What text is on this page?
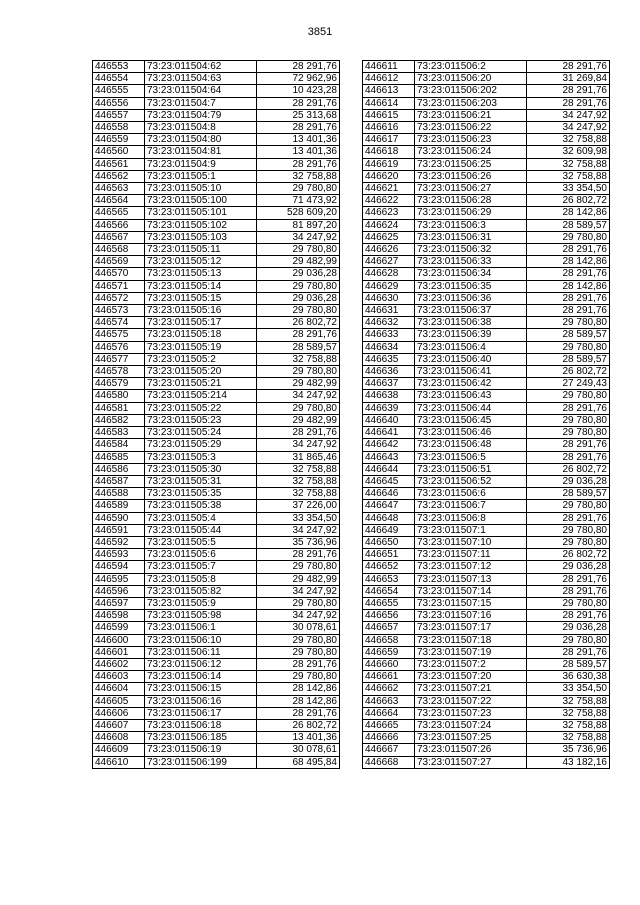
3851
446553	73:23:011504:62	28 291,76
446554	73:23:011504:63	72 962,96
446555	73:23:011504:64	10 423,28
446556	73:23:011504:7	28 291,76
446557	73:23:011504:79	25 313,68
446558	73:23:011504:8	28 291,76
446559	73:23:011504:80	13 401,36
446560	73:23:011504:81	13 401,36
446561	73:23:011504:9	28 291,76
446562	73:23:011505:1	32 758,88
446563	73:23:011505:10	29 780,80
446564	73:23:011505:100	71 473,92
446565	73:23:011505:101	528 609,20
446566	73:23:011505:102	81 897,20
446567	73:23:011505:103	34 247,92
446568	73:23:011505:11	29 780,80
446569	73:23:011505:12	29 482,99
446570	73:23:011505:13	29 036,28
446571	73:23:011505:14	29 780,80
446572	73:23:011505:15	29 036,28
446573	73:23:011505:16	29 780,80
446574	73:23:011505:17	26 802,72
446575	73:23:011505:18	28 291,76
446576	73:23:011505:19	28 589,57
446577	73:23:011505:2	32 758,88
446578	73:23:011505:20	29 780,80
446579	73:23:011505:21	29 482,99
446580	73:23:011505:214	34 247,92
446581	73:23:011505:22	29 780,80
446582	73:23:011505:23	29 482,99
446583	73:23:011505:24	28 291,76
446584	73:23:011505:29	34 247,92
446585	73:23:011505:3	31 865,46
446586	73:23:011505:30	32 758,88
446587	73:23:011505:31	32 758,88
446588	73:23:011505:35	32 758,88
446589	73:23:011505:38	37 226,00
446590	73:23:011505:4	33 354,50
446591	73:23:011505:44	34 247,92
446592	73:23:011505:5	35 736,96
446593	73:23:011505:6	28 291,76
446594	73:23:011505:7	29 780,80
446595	73:23:011505:8	29 482,99
446596	73:23:011505:82	34 247,92
446597	73:23:011505:9	29 780,80
446598	73:23:011505:98	34 247,92
446599	73:23:011506:1	30 078,61
446600	73:23:011506:10	29 780,80
446601	73:23:011506:11	29 780,80
446602	73:23:011506:12	28 291,76
446603	73:23:011506:14	29 780,80
446604	73:23:011506:15	28 142,86
446605	73:23:011506:16	28 142,86
446606	73:23:011506:17	28 291,76
446607	73:23:011506:18	26 802,72
446608	73:23:011506:185	13 401,36
446609	73:23:011506:19	30 078,61
446610	73:23:011506:199	68 495,84
446611	73:23:011506:2	28 291,76
446612	73:23:011506:20	31 269,84
446613	73:23:011506:202	28 291,76
446614	73:23:011506:203	28 291,76
446615	73:23:011506:21	34 247,92
446616	73:23:011506:22	34 247,92
446617	73:23:011506:23	32 758,88
446618	73:23:011506:24	32 609,98
446619	73:23:011506:25	32 758,88
446620	73:23:011506:26	32 758,88
446621	73:23:011506:27	33 354,50
446622	73:23:011506:28	26 802,72
446623	73:23:011506:29	28 142,86
446624	73:23:011506:3	28 589,57
446625	73:23:011506:31	29 780,80
446626	73:23:011506:32	28 291,76
446627	73:23:011506:33	28 142,86
446628	73:23:011506:34	28 291,76
446629	73:23:011506:35	28 142,86
446630	73:23:011506:36	28 291,76
446631	73:23:011506:37	28 291,76
446632	73:23:011506:38	29 780,80
446633	73:23:011506:39	28 589,57
446634	73:23:011506:4	29 780,80
446635	73:23:011506:40	28 589,57
446636	73:23:011506:41	26 802,72
446637	73:23:011506:42	27 249,43
446638	73:23:011506:43	29 780,80
446639	73:23:011506:44	28 291,76
446640	73:23:011506:45	29 780,80
446641	73:23:011506:46	29 780,80
446642	73:23:011506:48	28 291,76
446643	73:23:011506:5	28 291,76
446644	73:23:011506:51	26 802,72
446645	73:23:011506:52	29 036,28
446646	73:23:011506:6	28 589,57
446647	73:23:011506:7	29 780,80
446648	73:23:011506:8	28 291,76
446649	73:23:011507:1	29 780,80
446650	73:23:011507:10	29 780,80
446651	73:23:011507:11	26 802,72
446652	73:23:011507:12	29 036,28
446653	73:23:011507:13	28 291,76
446654	73:23:011507:14	28 291,76
446655	73:23:011507:15	29 780,80
446656	73:23:011507:16	28 291,76
446657	73:23:011507:17	29 036,28
446658	73:23:011507:18	29 780,80
446659	73:23:011507:19	28 291,76
446660	73:23:011507:2	28 589,57
446661	73:23:011507:20	36 630,38
446662	73:23:011507:21	33 354,50
446663	73:23:011507:22	32 758,88
446664	73:23:011507:23	32 758,88
446665	73:23:011507:24	32 758,88
446666	73:23:011507:25	32 758,88
446667	73:23:011507:26	35 736,96
446668	73:23:011507:27	43 182,16
